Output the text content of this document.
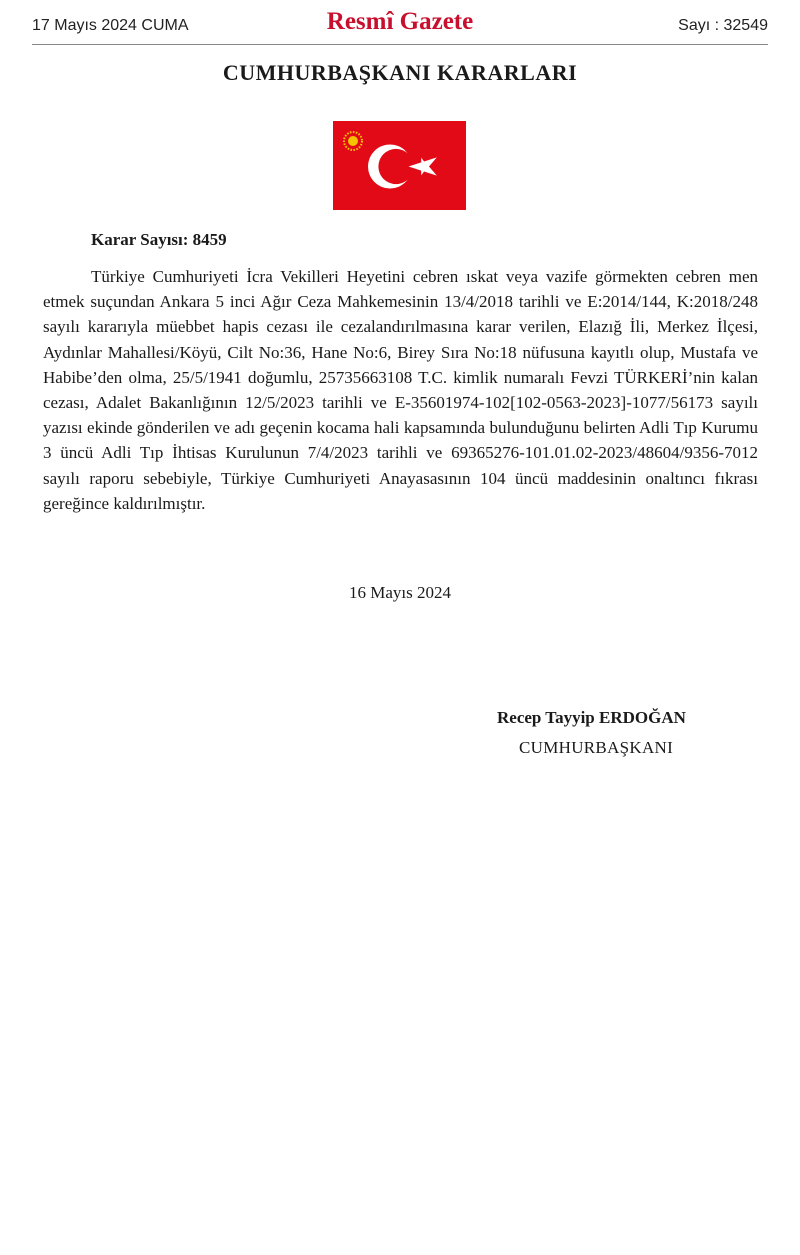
17 Mayıs 2024 CUMA	Resmî Gazete	Sayı : 32549
CUMHURBAŞKANI KARARLARI
Karar Sayısı: 8459

Türkiye Cumhuriyeti İcra Vekilleri Heyetini cebren ıskat veya vazife görmekten cebren men etmek suçundan Ankara 5 inci Ağır Ceza Mahkemesinin 13/4/2018 tarihli ve E:2014/144, K:2018/248 sayılı kararıyla müebbet hapis cezası ile cezalandırılmasına karar verilen, Elazığ İli, Merkez İlçesi, Aydınlar Mahallesi/Köyü, Cilt No:36, Hane No:6, Birey Sıra No:18 nüfusuna kayıtlı olup, Mustafa ve Habibe’den olma, 25/5/1941 doğumlu, 25735663108 T.C. kimlik numaralı Fevzi TÜRKERİ’nin kalan cezası, Adalet Bakanlığının 12/5/2023 tarihli ve E-35601974-102[102-0563-2023]-1077/56173 sayılı yazısı ekinde gönderilen ve adı geçenin kocama hali kapsamında bulunduğunu belirten Adli Tıp Kurumu 3 üncü Adli Tıp İhtisas Kurulunun 7/4/2023 tarihli ve 69365276-101.01.02-2023/48604/9356-7012 sayılı raporu sebebiyle, Türkiye Cumhuriyeti Anayasasının 104 üncü maddesinin onaltıncı fıkrası gereğince kaldırılmıştır.

16 Mayıs 2024
Recep Tayyip ERDOĞAN
CUMHURBAŞKANI
